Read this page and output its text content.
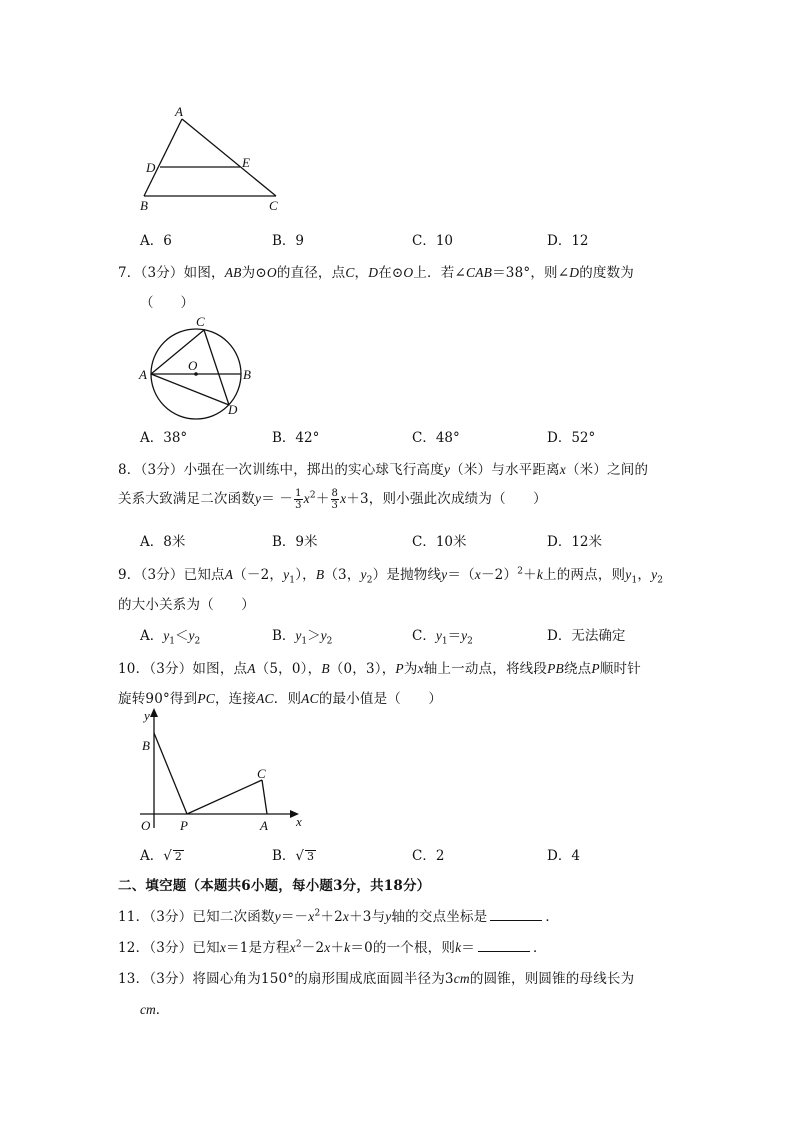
A
D	E
B	C
A．6	B．9	C．10	D．12
7．（3分）如图，AB为⊙O的直径，点C，D在⊙O上．若∠CAB＝38°，则∠D的度数为
（　　）
C
O
A	B
D
A．38°	B．42°	C．48°	D．52°
8．（3分）小强在一次训练中，掷出的实心球飞行高度y（米）与水平距离x（米）之间的
关系大致满足二次函数$y= - \frac{1}{3} x^2+ \frac{8}{3} x+3$，则小强此次成绩为（　　）
A．8米	B．9米	C．10米	D．12米
9．（3分）已知点A（－2，$y_1$），B（3，$y_2$）是抛物线$y=(x-2)^2+k$上的两点，则$y_1$，$y_2$
的大小关系为（　　）
A．$y_1<y_2$	B．$y_1>y_2$	C．$y_1=y_2$	D．无法确定
10．（3分）如图，点A（5，0），B（0，3），P为x轴上一动点，将线段PB绕点P顺时针
旋转90°得到PC，连接AC．则AC的最小值是（　　）
y
B
C
O P	A x
A．√ 2	B．√ 3	C．2	D．4
二、填空题（本题共6小题，每小题3分，共18分）
11．（3分）已知二次函数$y=-x^2+2x+3$与y轴的交点坐标是	．
12．（3分）已知x＝1是方程$x^2-2x+k=0$的一个根，则k＝	．
13．（3分）将圆心角为150°的扇形围成底面圆半径为3cm的圆锥，则圆锥的母线长为
cm．
